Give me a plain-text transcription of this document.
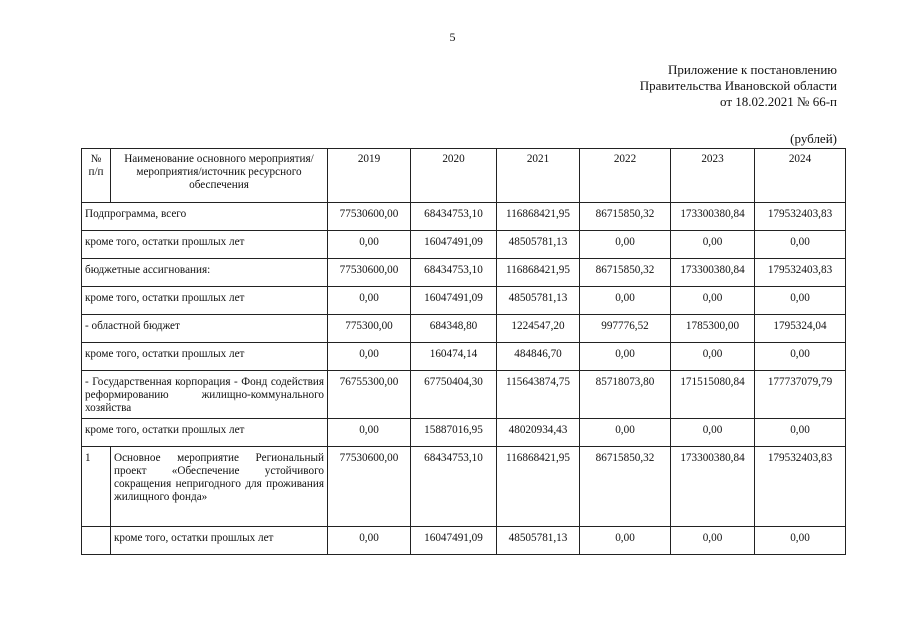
5
Приложение к постановлению
Правительства Ивановской области
от 18.02.2021 № 66-п
(рублей)
№ п/п	Наименование основного мероприятия/мероприятия/источник ресурсного обеспечения	2019	2020	2021	2022	2023	2024
Подпрограмма, всего		77530600,00	68434753,10	116868421,95	86715850,32	173300380,84	179532403,83
кроме того, остатки прошлых лет		0,00	16047491,09	48505781,13	0,00	0,00	0,00
бюджетные ассигнования:		77530600,00	68434753,10	116868421,95	86715850,32	173300380,84	179532403,83
кроме того, остатки прошлых лет		0,00	16047491,09	48505781,13	0,00	0,00	0,00
- областной бюджет		775300,00	684348,80	1224547,20	997776,52	1785300,00	1795324,04
кроме того, остатки прошлых лет		0,00	160474,14	484846,70	0,00	0,00	0,00
- Государственная корпорация - Фонд содействия реформированию жилищно-коммунального хозяйства		76755300,00	67750404,30	115643874,75	85718073,80	171515080,84	177737079,79
кроме того, остатки прошлых лет		0,00	15887016,95	48020934,43	0,00	0,00	0,00
1	Основное мероприятие Региональный проект «Обеспечение устойчивого сокращения непригодного для проживания жилищного фонда»	77530600,00	68434753,10	116868421,95	86715850,32	173300380,84	179532403,83
	кроме того, остатки прошлых лет	0,00	16047491,09	48505781,13	0,00	0,00	0,00
